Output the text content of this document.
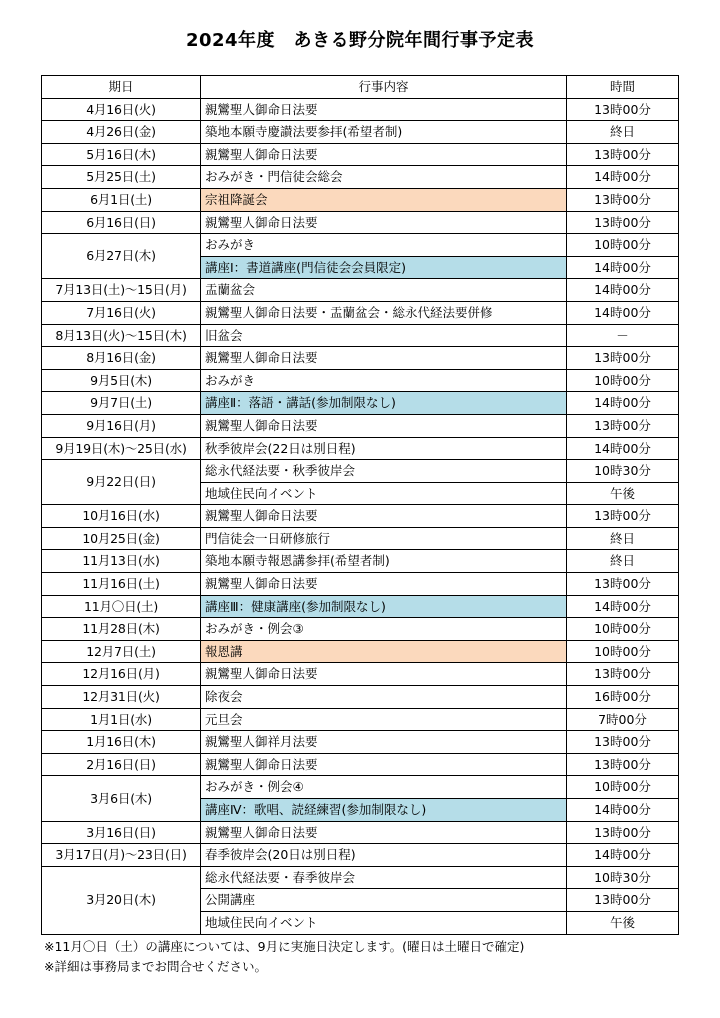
2024年度　あきる野分院年間行事予定表
期日	行事内容	時間
4月16日(火)	親鸞聖人御命日法要	13時00分
4月26日(金)	築地本願寺慶讃法要参拝(希望者制)	終日
5月16日(木)	親鸞聖人御命日法要	13時00分
5月25日(土)	おみがき・門信徒会総会	14時00分
6月1日(土)	宗祖降誕会	13時00分
6月16日(日)	親鸞聖人御命日法要	13時00分
6月27日(木)	おみがき	10時00分
	講座Ⅰ：書道講座(門信徒会会員限定)	14時00分
7月13日(土)～15日(月)	盂蘭盆会	14時00分
7月16日(火)	親鸞聖人御命日法要・盂蘭盆会・総永代経法要併修	14時00分
8月13日(火)～15日(木)	旧盆会	－
8月16日(金)	親鸞聖人御命日法要	13時00分
9月5日(木)	おみがき	10時00分
9月7日(土)	講座Ⅱ：落語・講話(参加制限なし)	14時00分
9月16日(月)	親鸞聖人御命日法要	13時00分
9月19日(木)～25日(水)	秋季彼岸会(22日は別日程)	14時00分
9月22日(日)	総永代経法要・秋季彼岸会	10時30分
	地域住民向イベント	午後
10月16日(水)	親鸞聖人御命日法要	13時00分
10月25日(金)	門信徒会一日研修旅行	終日
11月13日(水)	築地本願寺報恩講参拝(希望者制)	終日
11月16日(土)	親鸞聖人御命日法要	13時00分
11月〇日(土)	講座Ⅲ：健康講座(参加制限なし)	14時00分
11月28日(木)	おみがき・例会③	10時00分
12月7日(土)	報恩講	10時00分
12月16日(月)	親鸞聖人御命日法要	13時00分
12月31日(火)	除夜会	16時00分
1月1日(水)	元旦会	7時00分
1月16日(木)	親鸞聖人御祥月法要	13時00分
2月16日(日)	親鸞聖人御命日法要	13時00分
3月6日(木)	おみがき・例会④	10時00分
	講座Ⅳ：歌唱、読経練習(参加制限なし)	14時00分
3月16日(日)	親鸞聖人御命日法要	13時00分
3月17日(月)～23日(日)	春季彼岸会(20日は別日程)	14時00分
3月20日(木)	総永代経法要・春季彼岸会	10時30分
	公開講座	13時00分
	地域住民向イベント	午後
※11月〇日（土）の講座については、9月に実施日決定します。(曜日は土曜日で確定)
※詳細は事務局までお問合せください。
